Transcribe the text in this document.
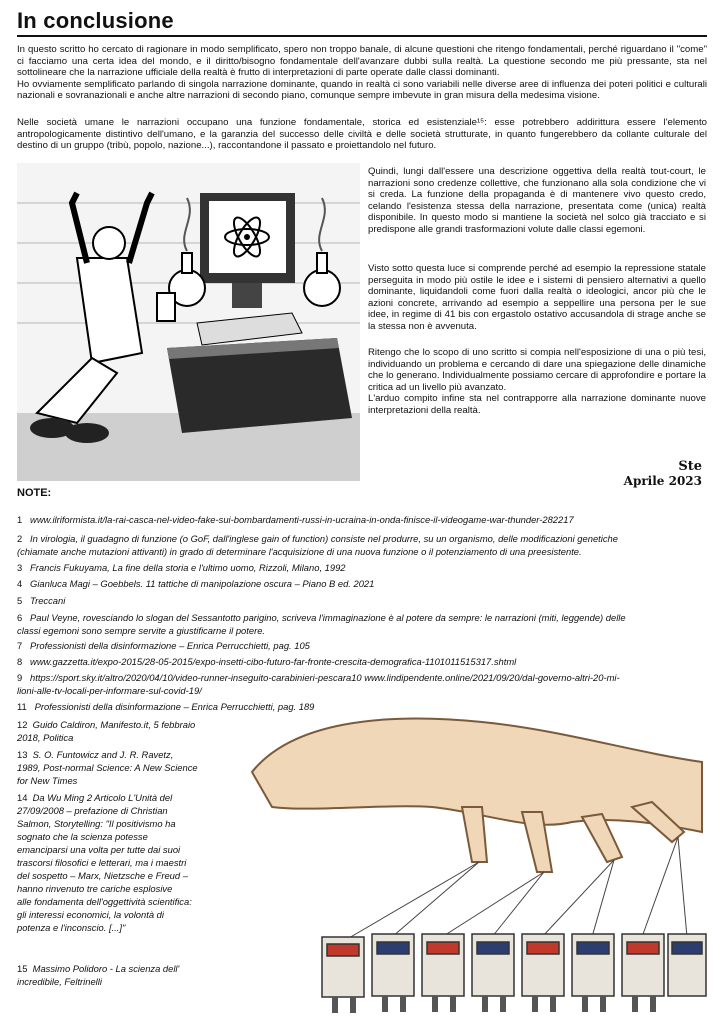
In conclusione
In questo scritto ho cercato di ragionare in modo semplificato, spero non troppo banale, di alcune questioni che ritengo fondamentali, perché riguardano il "come" ci facciamo una certa idea del mondo, e il diritto/bisogno fondamentale dell'avanzare dubbi sulla realtà. La questione secondo me più pressante, sta nel sottolineare che la narrazione ufficiale della realtà è frutto di interpretazioni di parte operate dalle classi dominanti.
Ho ovviamente semplificato parlando di singola narrazione dominante, quando in realtà ci sono variabili nelle diverse aree di influenza dei poteri politici e culturali nazionali e sovranazionali e anche altre narrazioni di secondo piano, comunque sempre imbevute in gran misura della medesima visione.
Nelle società umane le narrazioni occupano una funzione fondamentale, storica ed esistenziale¹⁵: esse potrebbero addirittura essere l'elemento antropologicamente distintivo dell'umano, e la garanzia del successo delle civiltà e delle società strutturate, in quanto fungerebbero da collante culturale del destino di un gruppo (tribù, popolo, nazione...), raccontandone il passato e proiettandolo nel futuro.
Quindi, lungi dall'essere una descrizione oggettiva della realtà tout-court, le narrazioni sono credenze collettive, che funzionano alla sola condizione che vi si creda. La funzione della propaganda è di mantenere vivo questo credo, celando l'esistenza stessa della narrazione, presentata come (unica) realtà disponibile. In questo modo si mantiene la società nel solco già tracciato e si predispone alle grandi trasformazioni volute dalle classi egemoni.
Visto sotto questa luce si comprende perché ad esempio la repressione statale perseguita in modo più ostile le idee e i sistemi di pensiero alternativi a quello dominante, liquidandoli come fuori dalla realtà o ideologici, ancor più che le azioni concrete, arrivando ad esempio a seppellire una persona per le sue idee, in regime di 41 bis con ergastolo ostativo accusandola di strage anche se la stessa non è avvenuta.
Ritengo che lo scopo di uno scritto si compia nell'esposizione di una o più tesi, individuando un problema e cercando di dare una spiegazione delle dinamiche che lo generano. Individualmente possiamo cercare di approfondire e portare la critica ad un livello più avanzato.
L'arduo compito infine sta nel contrapporre alla narrazione dominante nuove interpretazioni della realtà.
Ste
Aprile 2023
NOTE:
1 www.ilriformista.it/la-rai-casca-nel-video-fake-sui-bombardamenti-russi-in-ucraina-in-onda-finisce-il-videogame-war-thunder-282217
2 In virologia, il guadagno di funzione (o GoF, dall'inglese gain of function) consiste nel produrre, su un organismo, delle modificazioni genetiche
(chiamate anche mutazioni attivanti) in grado di determinare l'acquisizione di una nuova funzione o il potenziamento di una preesistente.
3 Francis Fukuyama, La fine della storia e l'ultimo uomo, Rizzoli, Milano, 1992
4 Gianluca Magi – Goebbels. 11 tattiche di manipolazione oscura – Piano B ed. 2021
5 Treccani
6 Paul Veyne, rovesciando lo slogan del Sessantotto parigino, scriveva l'immaginazione è al potere da sempre: le narrazioni (miti, leggende) delle
classi egemoni sono sempre servite a giustificarne il potere.
7 Professionisti della disinformazione – Enrica Perrucchietti, pag. 105
8 www.gazzetta.it/expo-2015/28-05-2015/expo-insetti-cibo-futuro-far-fronte-crescita-demografica-1101011515317.shtml
9 https://sport.sky.it/altro/2020/04/10/video-runner-inseguito-carabinieri-pescara10 www.lindipendente.online/2021/09/20/dal-governo-altri-20-mi-
lioni-alle-tv-locali-per-informare-sul-covid-19/
11 Professionisti della disinformazione – Enrica Perrucchietti, pag. 189
12 Guido Caldiron, Manifesto.it, 5 febbraio
2018, Politica
13 S. O. Funtowicz and J. R. Ravetz,
1989, Post-normal Science: A New Science
for New Times
14 Da Wu Ming 2 Articolo L'Unità del
27/09/2008 – prefazione di Christian
Salmon, Storytelling: "Il positivismo ha
sognato che la scienza potesse
emanciparsi una volta per tutte dai suoi
trascorsi filosofici e letterari, ma i maestri
del sospetto – Marx, Nietzsche e Freud –
hanno rinvenuto tre cariche esplosive
alle fondamenta dell'oggettività scientifica:
gli interessi economici, la volontà di
potenza e l'inconscio. [...]"
15 Massimo Polidoro - La scienza dell'
incredibile, Feltrinelli
